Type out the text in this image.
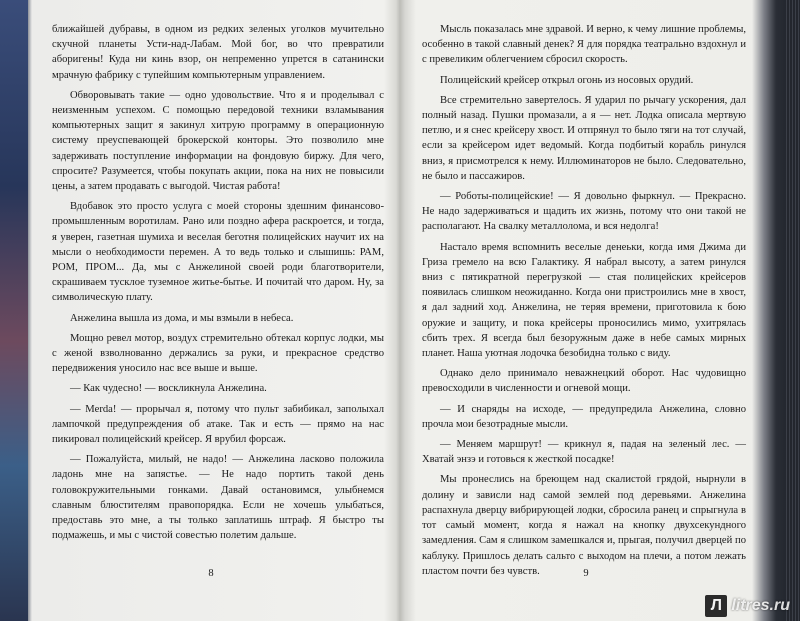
ближайшей дубравы, в одном из редких зеленых уголков мучительно скучной планеты Усти-над-Лабам. Мой бог, во что превратили аборигены! Куда ни кинь взор, он непременно упрется в сатанински мрачную фабрику с тупейшим компьютерным управлением.

Обворовывать такие — одно удовольствие. Что я и проделывал с неизменным успехом. С помощью передовой техники взламывания компьютерных защит я закинул хитрую программу в операционную систему преуспевающей брокерской конторы. Это позволило мне задерживать поступление информации на фондовую биржу. Для чего, спросите? Разумеется, чтобы покупать акции, пока на них не повысили цены, а затем продавать с выгодой. Чистая работа!

Вдобавок это просто услуга с моей стороны здешним финансово-промышленным воротилам. Рано или поздно афера раскроется, и тогда, я уверен, газетная шумиха и веселая беготня полицейских научит их на мысли о необходимости перемен. А то ведь только и слышишь: РАМ, РОМ, ПРОМ... Да, мы с Анжелиной своей роди благотворители, скрашиваем тусклое туземное житье-бытье. И почитай что даром. Ну, за символическую плату.

Анжелина вышла из дома, и мы взмыли в небеса.

Мощно ревел мотор, воздух стремительно обтекал корпус лодки, мы с женой взволнованно держались за руки, и прекрасное средство передвижения уносило нас все выше и выше.

— Как чудесно! — воскликнула Анжелина.

— Merda! — прорычал я, потому что пульт забибикал, заполыхал лампочкой предупреждения об атаке. Так и есть — прямо на нас пикировал полицейский крейсер. Я врубил форсаж.

— Пожалуйста, милый, не надо! — Анжелина ласково положила ладонь мне на запястье. — Не надо портить такой день головокружительными гонками. Давай остановимся, улыбнемся славным блюстителям правопорядка. Если не хочешь улыбаться, предоставь это мне, а ты только заплатишь штраф. Я быстро ты подмажешь, и мы с чистой совестью полетим дальше.

8

Мысль показалась мне здравой. И верно, к чему лишние проблемы, особенно в такой славный денек? Я для порядка театрально вздохнул и с превеликим облегчением сбросил скорость.

Полицейский крейсер открыл огонь из носовых орудий.

Все стремительно завертелось. Я ударил по рычагу ускорения, дал полный назад. Пушки промазали, а я — нет. Лодка описала мертвую петлю, и я снес крейсеру хвост. И отпрянул то было тяги на тот случай, если за крейсером идет ведомый. Когда подбитый корабль ринулся вниз, я присмотрелся к нему. Иллюминаторов не было. Следовательно, не было и пассажиров.

— Роботы-полицейские! — Я довольно фыркнул. — Прекрасно. Не надо задерживаться и щадить их жизнь, потому что они такой не располагают. На свалку металлолома, и вся недолга!

Настало время вспомнить веселые денеьки, когда имя Джима ди Гриза гремело на всю Галактику. Я набрал высоту, а затем ринулся вниз с пятикратной перегрузкой — стая полицейских крейсеров появилась слишком неожиданно. Когда они пристроились мне в хвост, я дал задний ход. Анжелина, не теряя времени, приготовила к бою оружие и защиту, и пока крейсеры проносились мимо, ухитрялась сбить трех. Я всегда был безоружным даже в небе самых мирных планет. Наша уютная лодочка безобидна только с виду.

Однако дело принимало неважнецкий оборот. Нас чудовищно превосходили в численности и огневой мощи.

— И снаряды на исходе, — предупредила Анжелина, словно прочла мои безотрадные мысли.

— Меняем маршрут! — крикнул я, падая на зеленый лес. — Хватай энзэ и готовься к жесткой посадке!

Мы пронеслись на бреющем над скалистой грядой, нырнули в долину и зависли над самой землей под деревьями. Анжелина распахнула дверцу вибрирующей лодки, сбросила ранец и спрыгнула в тот самый момент, когда я нажал на кнопку двухсекундного замедления. Сам я слишком замешкался и, прыгая, получил дверцей по каблуку. Пришлось делать сальто с выходом на плечи, а потом лежать пластом почти без чувств.	9
Л litres.ru
